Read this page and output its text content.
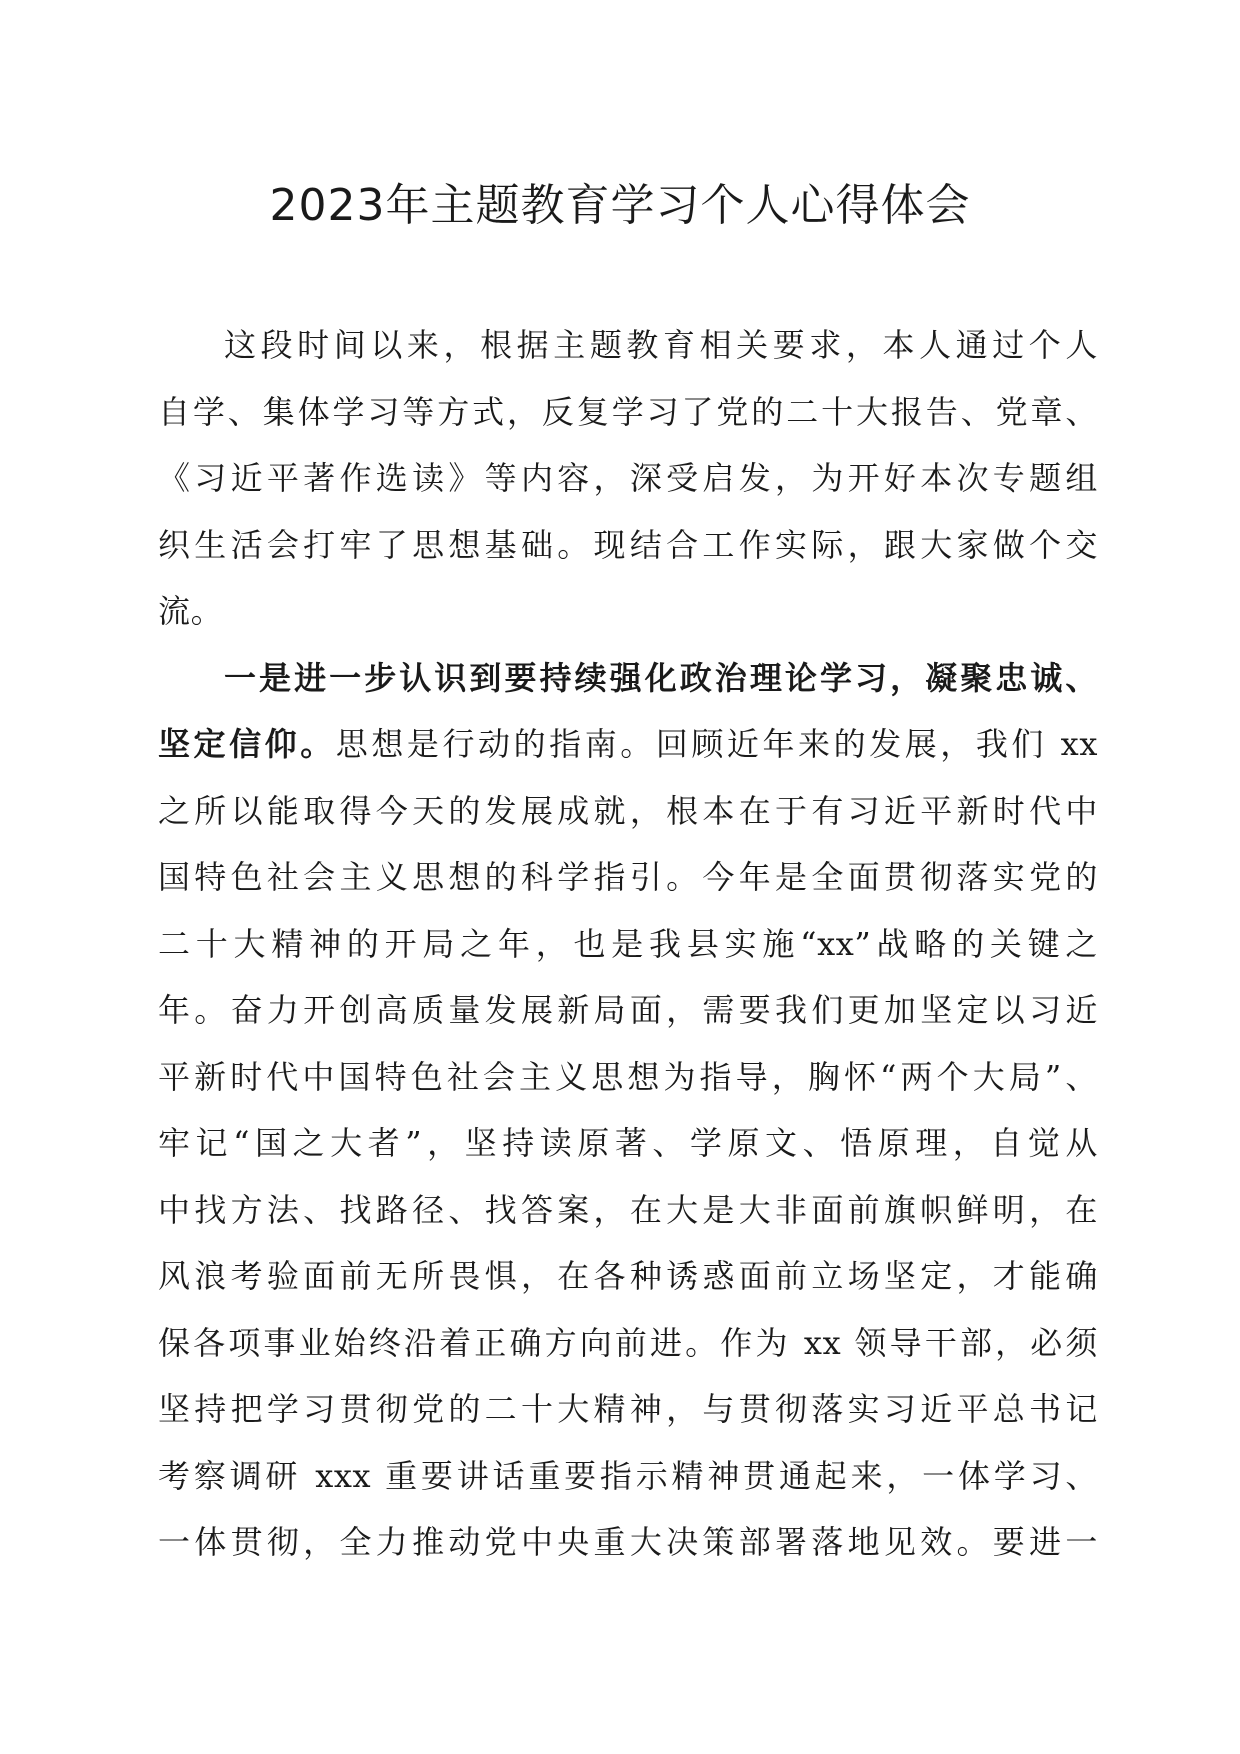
2023年主题教育学习个人心得体会
这段时间以来，根据主题教育相关要求，本人通过个人
自学、集体学习等方式，反复学习了党的二十大报告、党章、
《习近平著作选读》等内容，深受启发，为开好本次专题组
织生活会打牢了思想基础。现结合工作实际，跟大家做个交
流。
一是进一步认识到要持续强化政治理论学习，凝聚忠诚、
坚定信仰。思想是行动的指南。回顾近年来的发展，我们 xx
之所以能取得今天的发展成就，根本在于有习近平新时代中
国特色社会主义思想的科学指引。今年是全面贯彻落实党的
二十大精神的开局之年，也是我县实施“xx”战略的关键之
年。奋力开创高质量发展新局面，需要我们更加坚定以习近
平新时代中国特色社会主义思想为指导，胸怀“两个大局”、
牢记“国之大者”，坚持读原著、学原文、悟原理，自觉从
中找方法、找路径、找答案，在大是大非面前旗帜鲜明，在
风浪考验面前无所畏惧，在各种诱惑面前立场坚定，才能确
保各项事业始终沿着正确方向前进。作为 xx 领导干部，必须
坚持把学习贯彻党的二十大精神，与贯彻落实习近平总书记
考察调研 xxx 重要讲话重要指示精神贯通起来，一体学习、
一体贯彻，全力推动党中央重大决策部署落地见效。要进一
